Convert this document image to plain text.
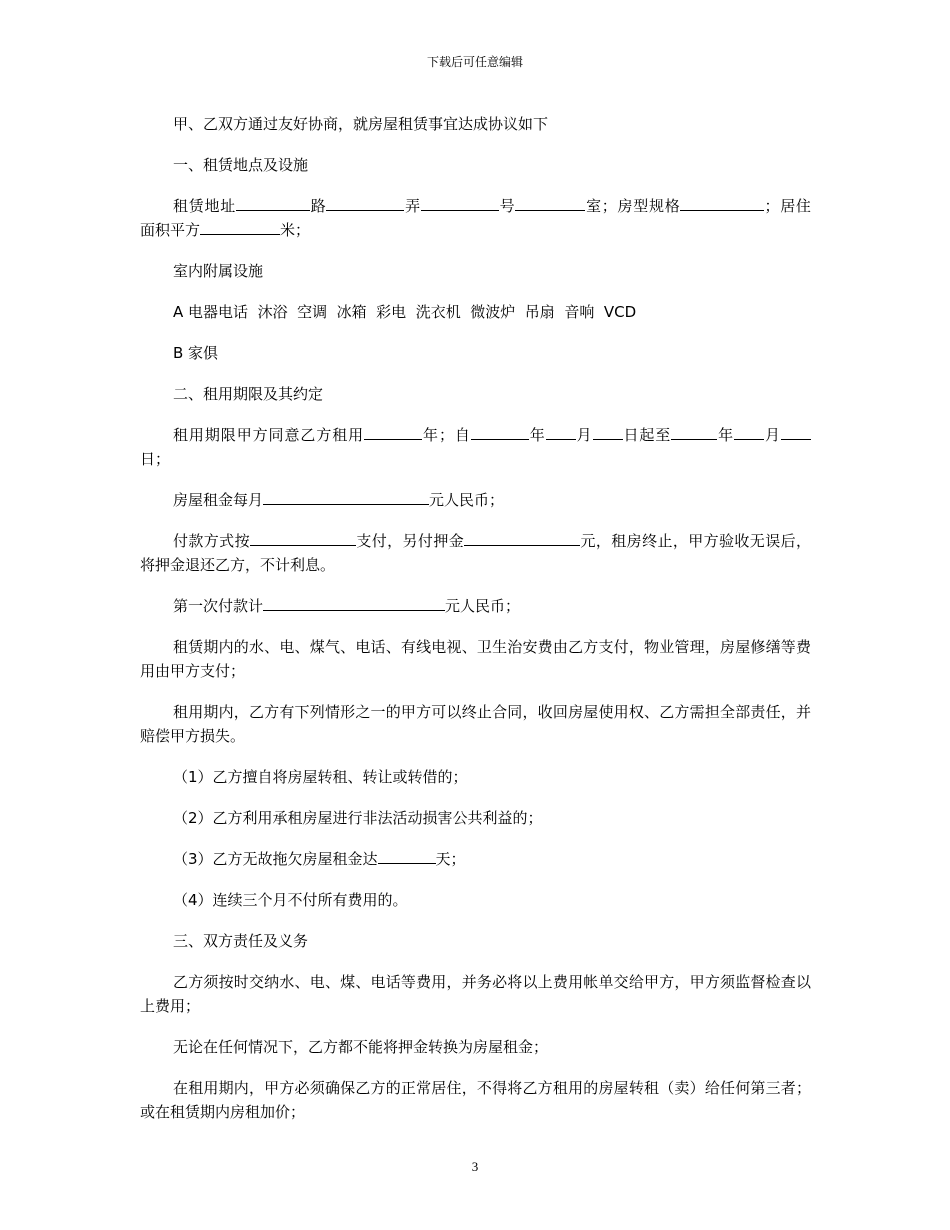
下载后可任意编辑

甲、乙双方通过友好协商，就房屋租赁事宜达成协议如下

一、租赁地点及设施

租赁地址	路	弄	号	室；房型规格	；居住面积平方	米；

室内附属设施

A 电器电话  沐浴  空调  冰箱  彩电  洗衣机  微波炉  吊扇  音响  VCD

B 家俱

二、租用期限及其约定

租用期限甲方同意乙方租用	年；自	年 月 日起至	年 月日；

房屋租金每月	元人民币；

付款方式按	支付，另付押金	元，租房终止，甲方验收无误后，将押金退还乙方，不计利息。

第一次付款计	元人民币；

租赁期内的水、电、煤气、电话、有线电视、卫生治安费由乙方支付，物业管理，房屋修缮等费用由甲方支付；

租用期内，乙方有下列情形之一的甲方可以终止合同，收回房屋使用权、乙方需担全部责任，并赔偿甲方损失。

（1）乙方擅自将房屋转租、转让或转借的；

（2）乙方利用承租房屋进行非法活动损害公共利益的；

（3）乙方无故拖欠房屋租金达	天；

（4）连续三个月不付所有费用的。

三、双方责任及义务

乙方须按时交纳水、电、煤、电话等费用，并务必将以上费用帐单交给甲方，甲方须监督检查以上费用；

无论在任何情况下，乙方都不能将押金转换为房屋租金；

在租用期内，甲方必须确保乙方的正常居住，不得将乙方租用的房屋转租（卖）给任何第三者；或在租赁期内房租加价；

3
